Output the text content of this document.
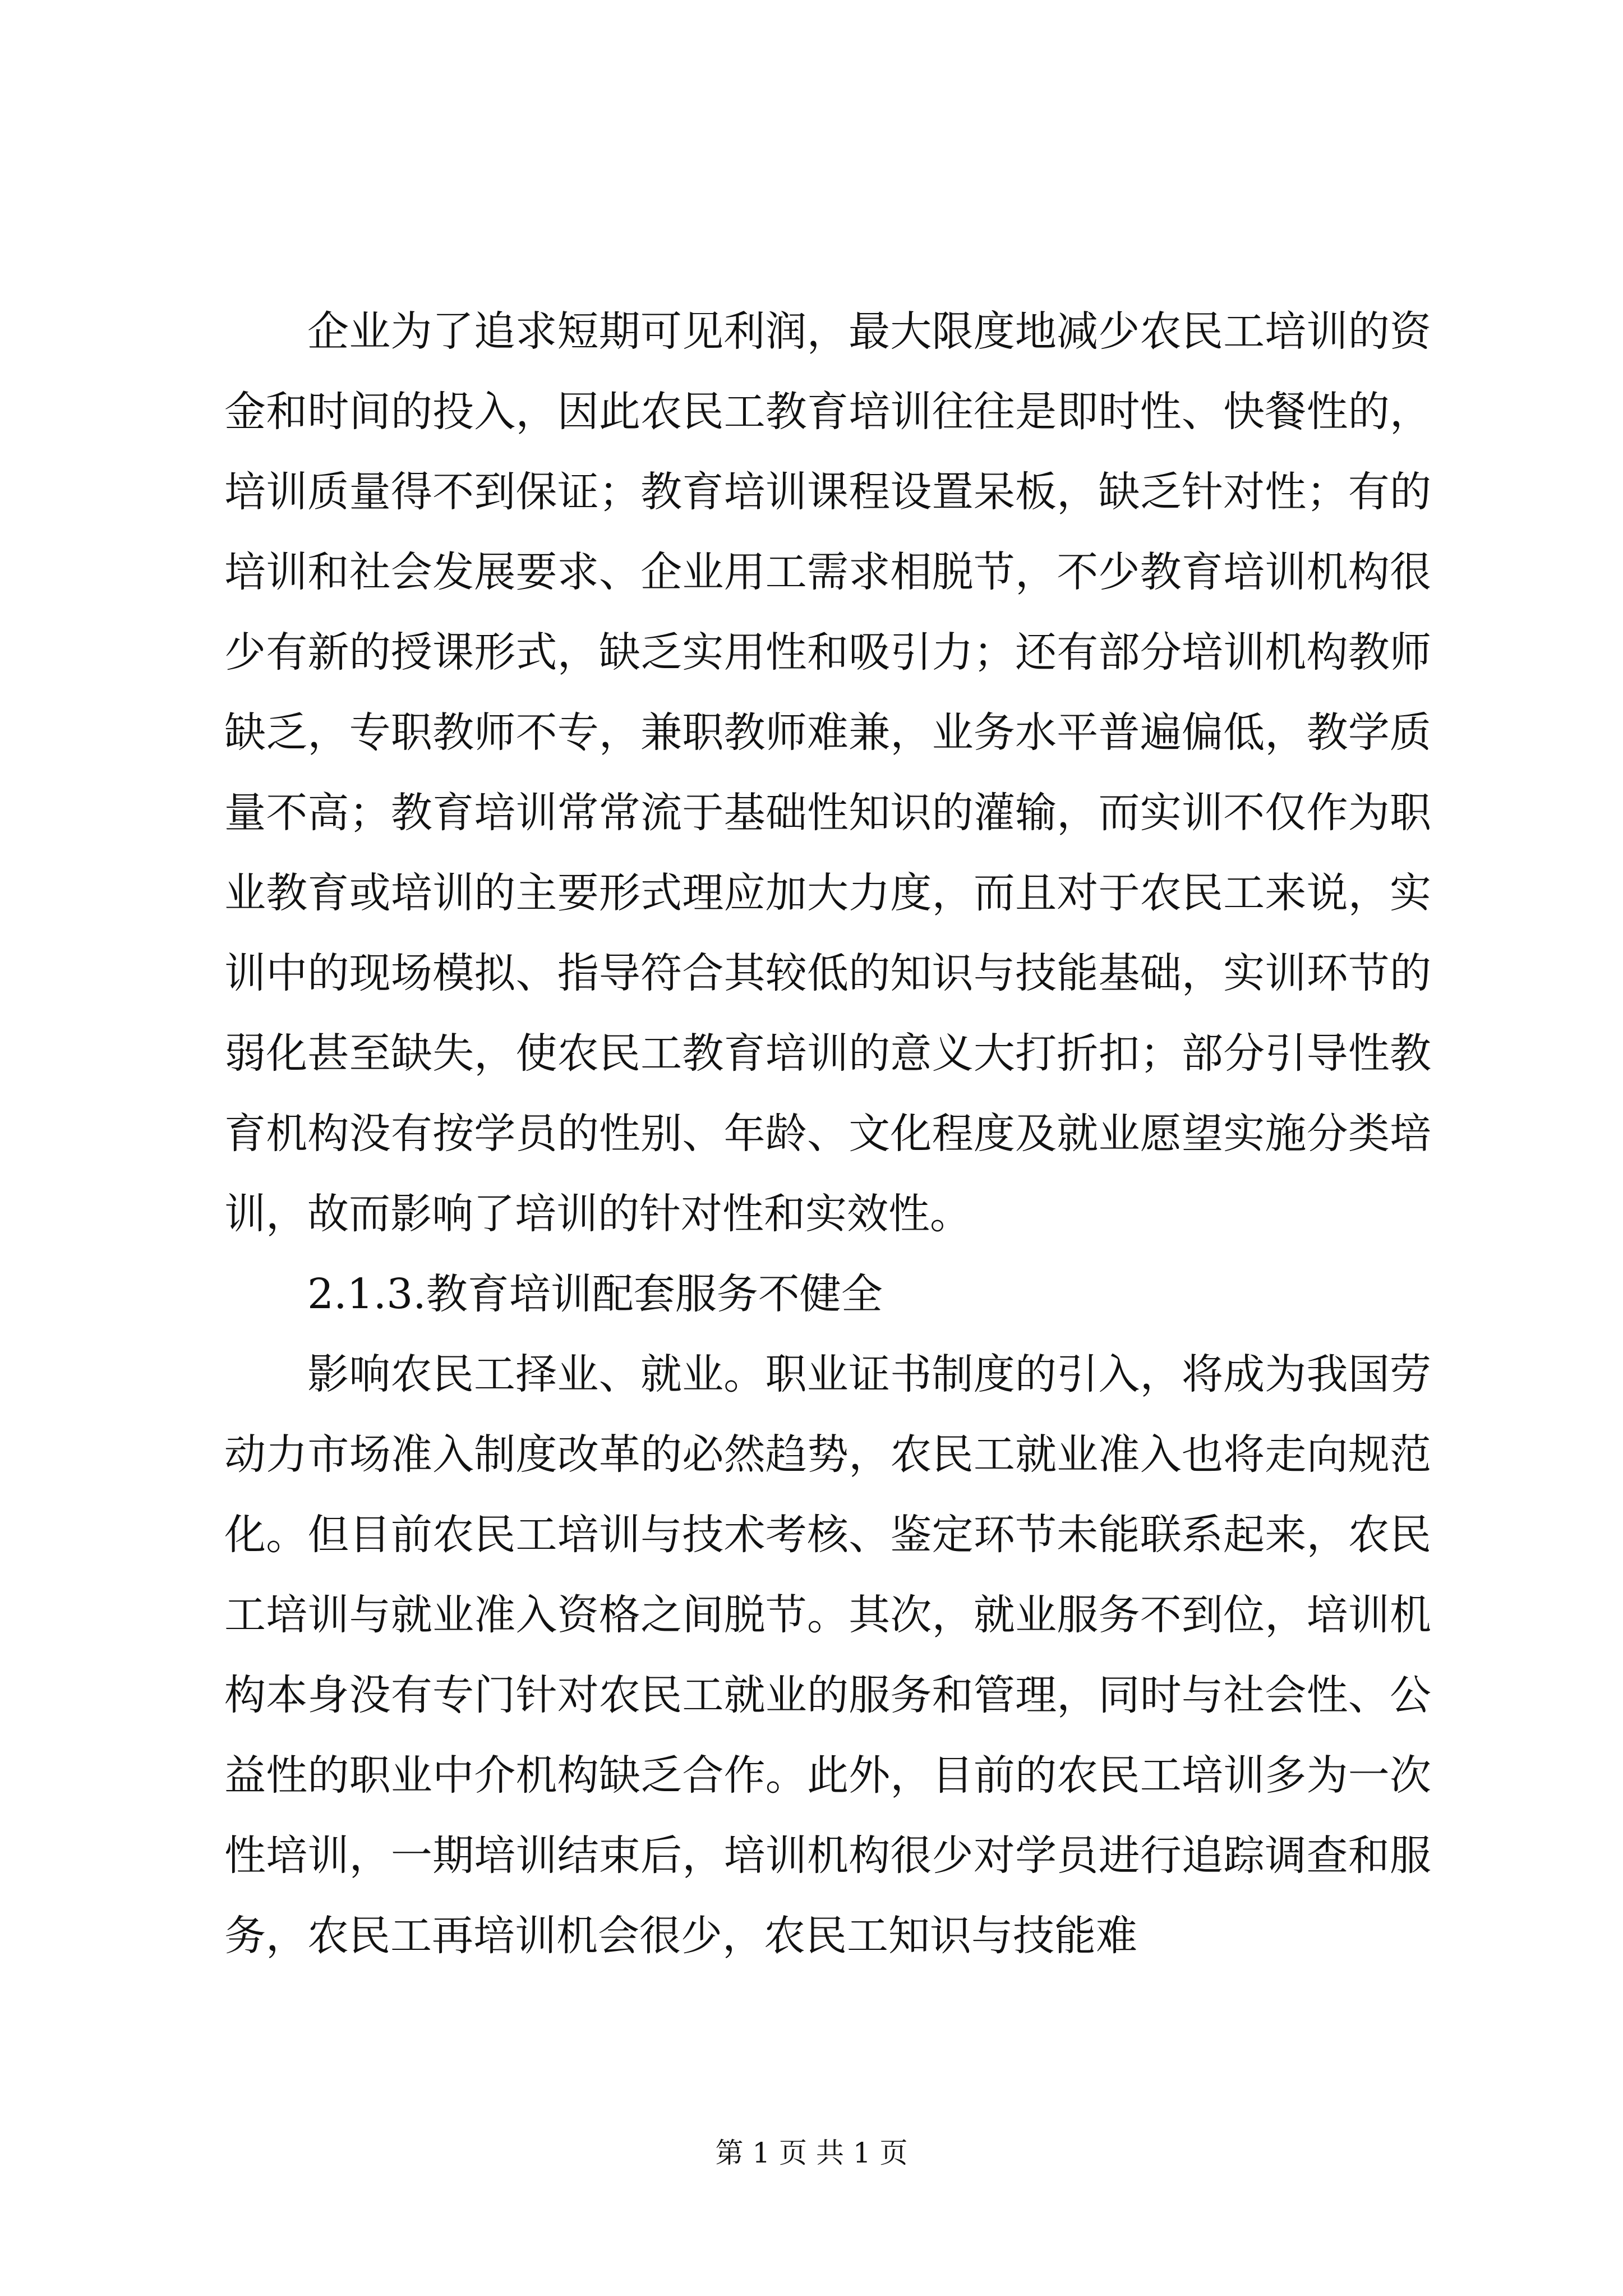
企业为了追求短期可见利润，最大限度地减少农民工培训的资金和时间的投入，因此农民工教育培训往往是即时性、快餐性的，培训质量得不到保证；教育培训课程设置呆板，缺乏针对性；有的培训和社会发展要求、企业用工需求相脱节，不少教育培训机构很少有新的授课形式，缺乏实用性和吸引力；还有部分培训机构教师缺乏，专职教师不专，兼职教师难兼，业务水平普遍偏低，教学质量不高；教育培训常常流于基础性知识的灌输，而实训不仅作为职业教育或培训的主要形式理应加大力度，而且对于农民工来说，实训中的现场模拟、指导符合其较低的知识与技能基础，实训环节的弱化甚至缺失，使农民工教育培训的意义大打折扣；部分引导性教育机构没有按学员的性别、年龄、文化程度及就业愿望实施分类培训，故而影响了培训的针对性和实效性。

2.1.3.教育培训配套服务不健全

影响农民工择业、就业。职业证书制度的引入，将成为我国劳动力市场准入制度改革的必然趋势，农民工就业准入也将走向规范化。但目前农民工培训与技术考核、鉴定环节未能联系起来，农民工培训与就业准入资格之间脱节。其次，就业服务不到位，培训机构本身没有专门针对农民工就业的服务和管理，同时与社会性、公益性的职业中介机构缺乏合作。此外，目前的农民工培训多为一次性培训，一期培训结束后，培训机构很少对学员进行追踪调查和服务，农民工再培训机会很少，农民工知识与技能难

第 1 页 共 1 页
